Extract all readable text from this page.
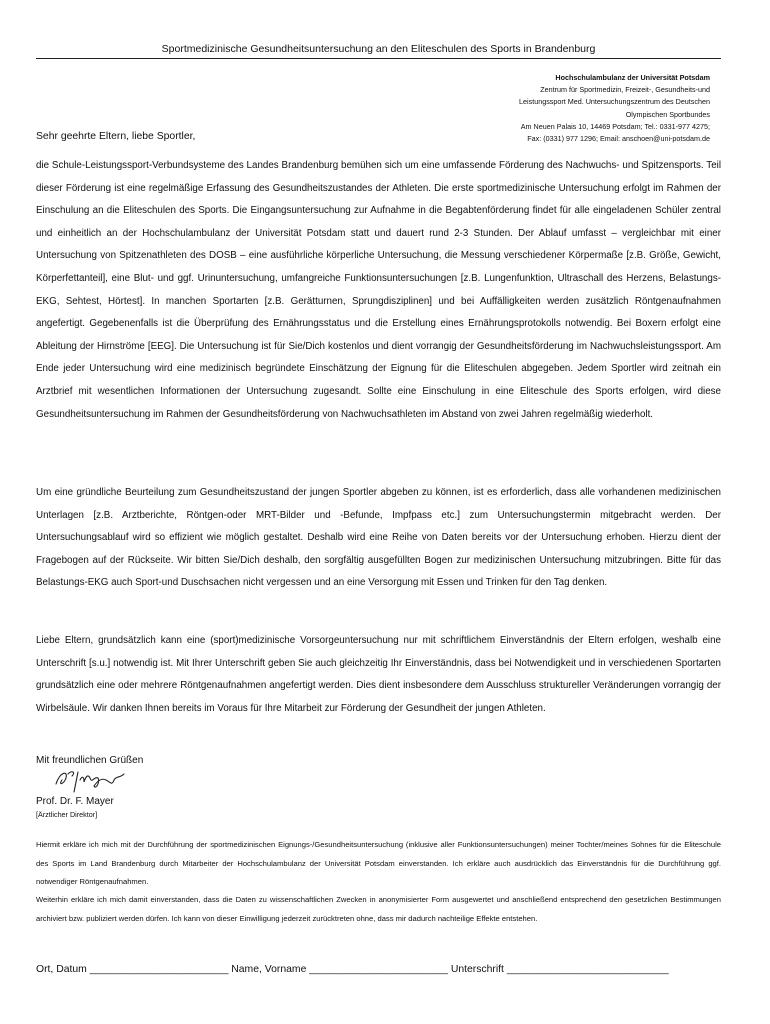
Sportmedizinische Gesundheitsuntersuchung an den Eliteschulen des Sports in Brandenburg
Hochschulambulanz der Universität Potsdam
Zentrum für Sportmedizin, Freizeit-, Gesundheits-und
Leistungssport Med. Untersuchungszentrum des Deutschen
Olympischen Sportbundes
Am Neuen Palais 10, 14469 Potsdam; Tel.: 0331-977 4275;
Fax: (0331) 977 1296; Email: anschoen@uni-potsdam.de
Sehr geehrte Eltern, liebe Sportler,

die Schule-Leistungssport-Verbundsysteme des Landes Brandenburg bemühen sich um eine umfassende Förderung des Nachwuchs- und Spitzensports. Teil dieser Förderung ist eine regelmäßige Erfassung des Gesundheitszustandes der Athleten. Die erste sportmedizinische Untersuchung erfolgt im Rahmen der Einschulung an die Eliteschulen des Sports. Die Eingangsuntersuchung zur Aufnahme in die Begabtenförderung findet für alle eingeladenen Schüler zentral und einheitlich an der Hochschulambulanz der Universität Potsdam statt und dauert rund 2-3 Stunden. Der Ablauf umfasst – vergleichbar mit einer Untersuchung von Spitzenathleten des DOSB – eine ausführliche körperliche Untersuchung, die Messung verschiedener Körpermaße [z.B. Größe, Gewicht, Körperfettanteil], eine Blut- und ggf. Urinuntersuchung, umfangreiche Funktionsuntersuchungen [z.B. Lungenfunktion, Ultraschall des Herzens, Belastungs-EKG, Sehtest, Hörtest]. In manchen Sportarten [z.B. Gerätturnen, Sprungdisziplinen] und bei Auffälligkeiten werden zusätzlich Röntgenaufnahmen angefertigt. Gegebenenfalls ist die Überprüfung des Ernährungsstatus und die Erstellung eines Ernährungsprotokolls notwendig. Bei Boxern erfolgt eine Ableitung der Hirnströme [EEG]. Die Untersuchung ist für Sie/Dich kostenlos und dient vorrangig der Gesundheitsförderung im Nachwuchsleistungssport. Am Ende jeder Untersuchung wird eine medizinisch begründete Einschätzung der Eignung für die Eliteschulen abgegeben. Jedem Sportler wird zeitnah ein Arztbrief mit wesentlichen Informationen der Untersuchung zugesandt. Sollte eine Einschulung in eine Eliteschule des Sports erfolgen, wird diese Gesundheitsuntersuchung im Rahmen der Gesundheitsförderung von Nachwuchsathleten im Abstand von zwei Jahren regelmäßig wiederholt.

Um eine gründliche Beurteilung zum Gesundheitszustand der jungen Sportler abgeben zu können, ist es erforderlich, dass alle vorhandenen medizinischen Unterlagen [z.B. Arztberichte, Röntgen-oder MRT-Bilder und -Befunde, Impfpass etc.] zum Untersuchungstermin mitgebracht werden. Der Untersuchungsablauf wird so effizient wie möglich gestaltet. Deshalb wird eine Reihe von Daten bereits vor der Untersuchung erhoben. Hierzu dient der Fragebogen auf der Rückseite. Wir bitten Sie/Dich deshalb, den sorgfältig ausgefüllten Bogen zur medizinischen Untersuchung mitzubringen. Bitte für das Belastungs-EKG auch Sport-und Duschsachen nicht vergessen und an eine Versorgung mit Essen und Trinken für den Tag denken.

Liebe Eltern, grundsätzlich kann eine (sport)medizinische Vorsorgeuntersuchung nur mit schriftlichem Einverständnis der Eltern erfolgen, weshalb eine Unterschrift [s.u.] notwendig ist. Mit Ihrer Unterschrift geben Sie auch gleichzeitig Ihr Einverständnis, dass bei Notwendigkeit und in verschiedenen Sportarten grundsätzlich eine oder mehrere Röntgenaufnahmen angefertigt werden. Dies dient insbesondere dem Ausschluss struktureller Veränderungen vorrangig der Wirbelsäule. Wir danken Ihnen bereits im Voraus für Ihre Mitarbeit zur Förderung der Gesundheit der jungen Athleten.

Mit freundlichen Grüßen
Prof. Dr. F. Mayer
[Ärztlicher Direktor]

Hiermit erkläre ich mich mit der Durchführung der sportmedizinischen Eignungs-/Gesundheitsuntersuchung (inklusive aller Funktionsuntersuchungen) meiner Tochter/meines Sohnes für die Eliteschule des Sports im Land Brandenburg durch Mitarbeiter der Hochschulambulanz der Universität Potsdam einverstanden. Ich erkläre auch ausdrücklich das Einverständnis für die Durchführung ggf. notwendiger Röntgenaufnahmen.

Weiterhin erkläre ich mich damit einverstanden, dass die Daten zu wissenschaftlichen Zwecken in anonymisierter Form ausgewertet und anschließend entsprechend den gesetzlichen Bestimmungen archiviert bzw. publiziert werden dürfen. Ich kann von dieser Einwilligung jederzeit zurücktreten ohne, dass mir dadurch nachteilige Effekte entstehen.

Ort, Datum ________________________ Name, Vorname ________________________ Unterschrift ____________________________
